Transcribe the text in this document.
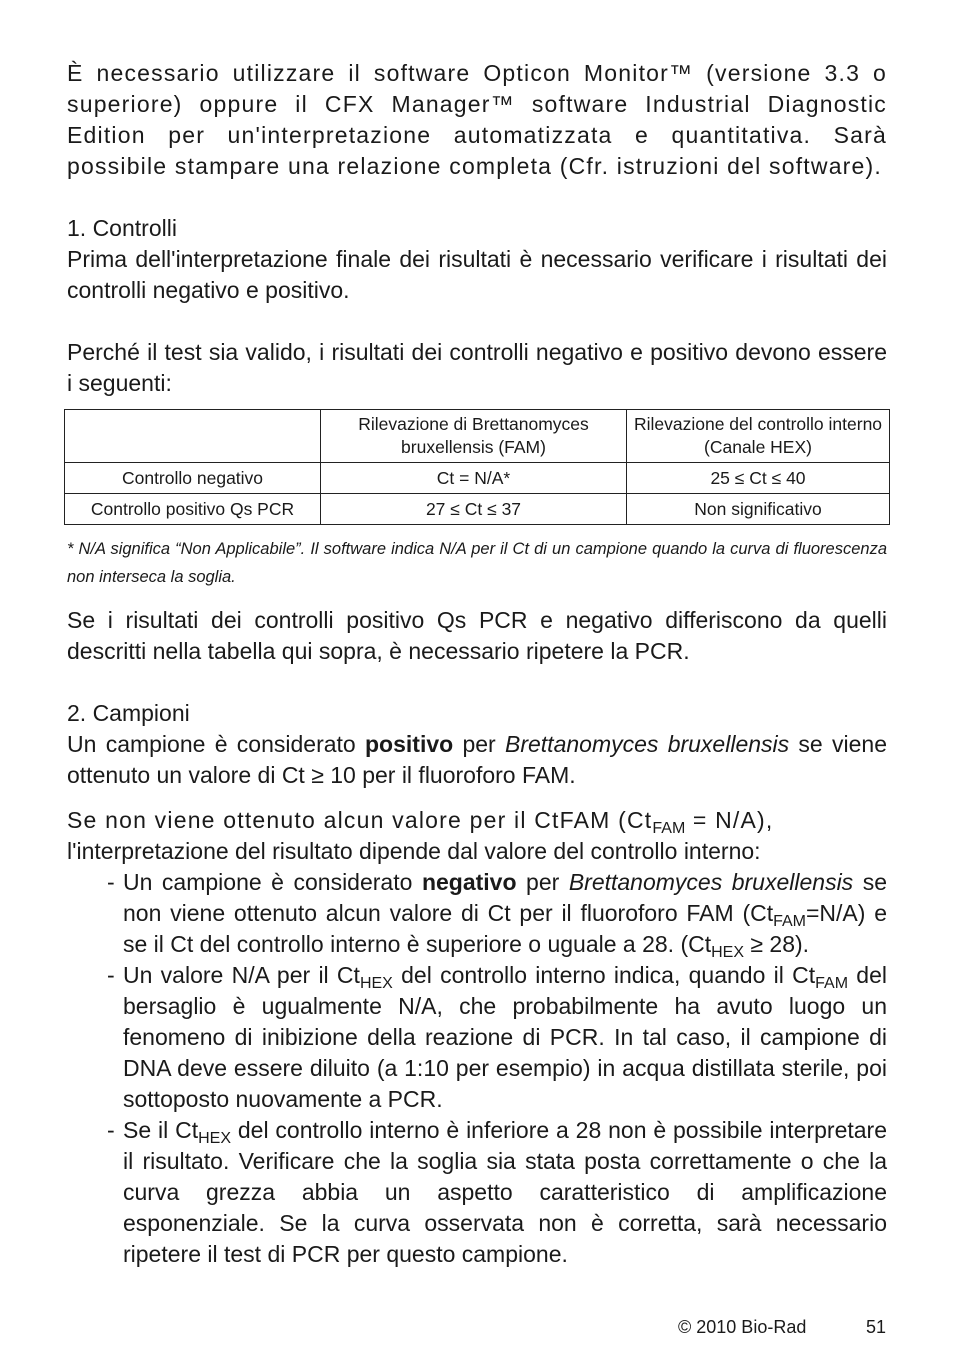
È necessario utilizzare il software Opticon Monitor™ (versione 3.3 o superiore) oppure il CFX Manager™ software Industrial Diagnostic Edition per un'interpretazione automatizzata e quantitativa. Sarà possibile stampare una relazione completa (Cfr. istruzioni del software).

1. Controlli

Prima dell'interpretazione finale dei risultati è necessario verificare i risultati dei controlli negativo e positivo.

Perché il test sia valido, i risultati dei controlli negativo e positivo devono essere i seguenti:

	Rilevazione di Brettanomyces bruxellensis (FAM)	Rilevazione del controllo interno (Canale HEX)
Controllo negativo	Ct = N/A*	25 ≤ Ct ≤ 40
Controllo positivo Qs PCR	27 ≤ Ct ≤ 37	Non significativo

* N/A significa “Non Applicabile”. Il software indica N/A per il Ct di un campione quando la curva di fluorescenza non interseca la soglia.

Se i risultati dei controlli positivo Qs PCR e negativo differiscono da quelli descritti nella tabella qui sopra, è necessario ripetere la PCR.

2. Campioni

Un campione è considerato positivo per Brettanomyces bruxellensis se viene ottenuto un valore di Ct ≥ 10 per il fluoroforo FAM.

Se non viene ottenuto alcun valore per il CtFAM $(Ct_{FAM} = N/A)$,
l'interpretazione del risultato dipende dal valore del controllo interno:

- Un campione è considerato negativo per Brettanomyces bruxellensis se non viene ottenuto alcun valore di Ct per il fluoroforo FAM $(Ct_{FAM}=N/A)$ e se il Ct del controllo interno è superiore o uguale a 28. $(Ct_{HEX} \ge 28)$.
- Un valore N/A per il $Ct_{HEX}$ del controllo interno indica, quando il $Ct_{FAM}$ del bersaglio è ugualmente N/A, che probabilmente ha avuto luogo un fenomeno di inibizione della reazione di PCR. In tal caso, il campione di DNA deve essere diluito (a 1:10 per esempio) in acqua distillata sterile, poi sottoposto nuovamente a PCR.
- Se il $Ct_{HEX}$ del controllo interno è inferiore a 28 non è possibile interpretare il risultato. Verificare che la soglia sia stata posta correttamente o che la curva grezza abbia un aspetto caratteristico di amplificazione esponenziale. Se la curva osservata non è corretta, sarà necessario ripetere il test di PCR per questo campione.
© 2010 Bio-Rad	51
